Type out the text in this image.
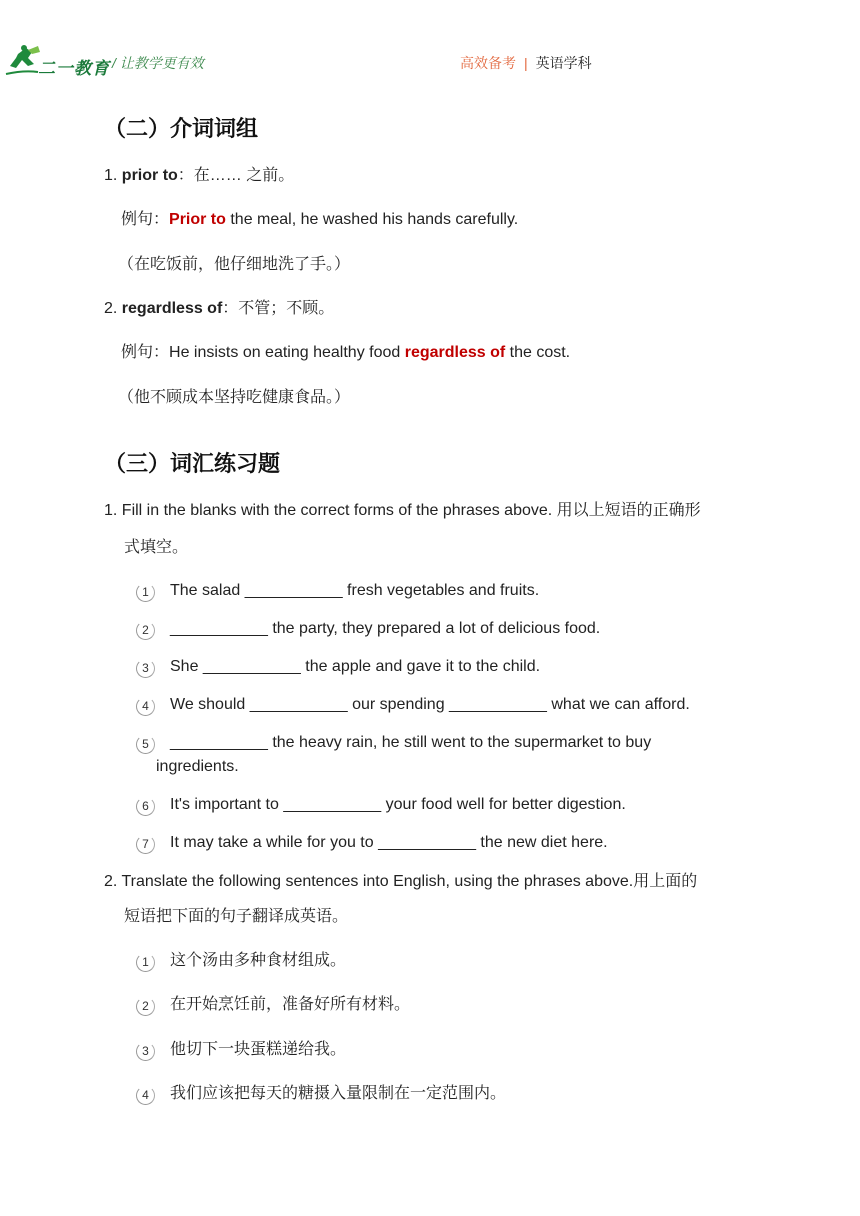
二一教育 / 让教学更有效	高效备考 | 英语学科
（二）介词词组
1. prior to：在…… 之前。
例句：Prior to the meal, he washed his hands carefully.
（在吃饭前，他仔细地洗了手。）
2. regardless of：不管；不顾。
例句：He insists on eating healthy food regardless of the cost.
（他不顾成本坚持吃健康食品。）
（三）词汇练习题
1. Fill in the blanks with the correct forms of the phrases above. 用以上短语的正确形
式填空。
1	The salad ___________ fresh vegetables and fruits.
2	___________ the party, they prepared a lot of delicious food.
3	She ___________ the apple and gave it to the child.
4	We should ___________ our spending ___________ what we can afford.
5	___________ the heavy rain, he still went to the supermarket to buy
ingredients.
6	It's important to ___________ your food well for better digestion.
7	It may take a while for you to ___________ the new diet here.
2. Translate the following sentences into English, using the phrases above.用上面的
短语把下面的句子翻译成英语。
1	这个汤由多种食材组成。
2	在开始烹饪前，准备好所有材料。
3	他切下一块蛋糕递给我。
4	我们应该把每天的糖摄入量限制在一定范围内。
